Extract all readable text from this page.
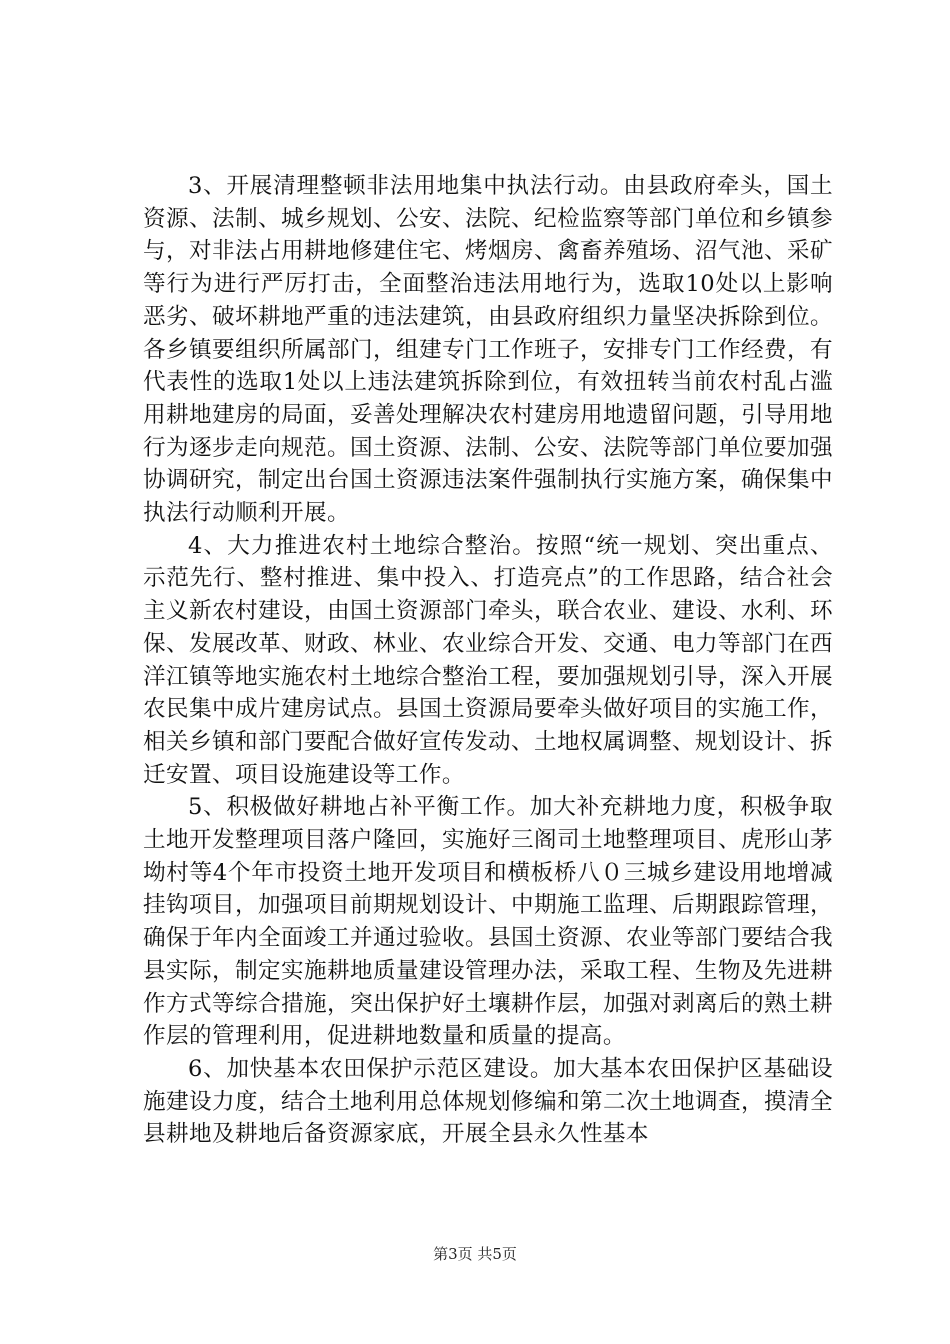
3、开展清理整顿非法用地集中执法行动。由县政府牵头，国土资源、法制、城乡规划、公安、法院、纪检监察等部门单位和乡镇参与，对非法占用耕地修建住宅、烤烟房、禽畜养殖场、沼气池、采矿等行为进行严厉打击，全面整治违法用地行为，选取10处以上影响恶劣、破坏耕地严重的违法建筑，由县政府组织力量坚决拆除到位。各乡镇要组织所属部门，组建专门工作班子，安排专门工作经费，有代表性的选取1处以上违法建筑拆除到位，有效扭转当前农村乱占滥用耕地建房的局面，妥善处理解决农村建房用地遗留问题，引导用地行为逐步走向规范。国土资源、法制、公安、法院等部门单位要加强协调研究，制定出台国土资源违法案件强制执行实施方案，确保集中执法行动顺利开展。

4、大力推进农村土地综合整治。按照“统一规划、突出重点、示范先行、整村推进、集中投入、打造亮点”的工作思路，结合社会主义新农村建设，由国土资源部门牵头，联合农业、建设、水利、环保、发展改革、财政、林业、农业综合开发、交通、电力等部门在西洋江镇等地实施农村土地综合整治工程，要加强规划引导，深入开展农民集中成片建房试点。县国土资源局要牵头做好项目的实施工作，相关乡镇和部门要配合做好宣传发动、土地权属调整、规划设计、拆迁安置、项目设施建设等工作。

5、积极做好耕地占补平衡工作。加大补充耕地力度，积极争取土地开发整理项目落户隆回，实施好三阁司土地整理项目、虎形山茅坳村等4个年市投资土地开发项目和横板桥八０三城乡建设用地增减挂钩项目，加强项目前期规划设计、中期施工监理、后期跟踪管理，确保于年内全面竣工并通过验收。县国土资源、农业等部门要结合我县实际，制定实施耕地质量建设管理办法，采取工程、生物及先进耕作方式等综合措施，突出保护好土壤耕作层，加强对剥离后的熟土耕作层的管理利用，促进耕地数量和质量的提高。

6、加快基本农田保护示范区建设。加大基本农田保护区基础设施建设力度，结合土地利用总体规划修编和第二次土地调查，摸清全县耕地及耕地后备资源家底，开展全县永久性基本

第3页 共5页
